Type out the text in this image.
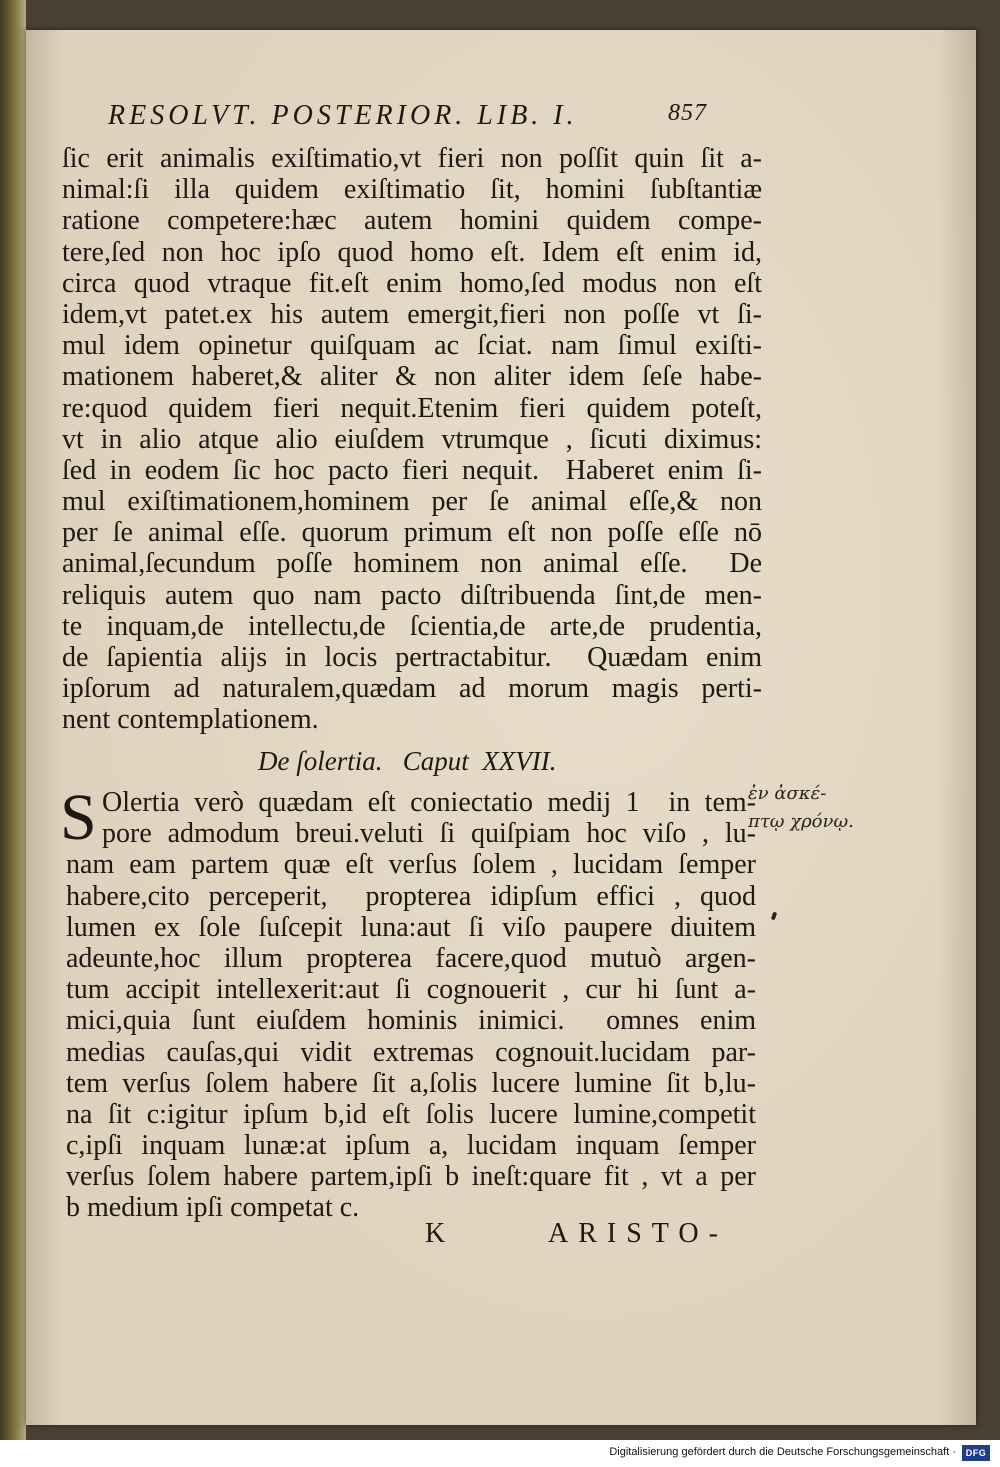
RESOLVT. POSTERIOR. LIB. I.	857
ſic erit animalis exiſtimatio,vt fieri non poſſit quin ſit a-
nimal:ſi illa quidem exiſtimatio ſit, homini ſubſtantiæ
ratione competere:hæc autem homini quidem compe-
tere,ſed non hoc ipſo quod homo eſt. Idem eſt enim id,
circa quod vtraque fit.eſt enim homo,ſed modus non eſt
idem,vt patet.ex his autem emergit,fieri non poſſe vt ſi-
mul idem opinetur quiſquam ac ſciat. nam ſimul exiſti-
mationem haberet,& aliter & non aliter idem ſeſe habe-
re:quod quidem fieri nequit.Etenim fieri quidem poteſt,
vt in alio atque alio eiuſdem vtrumque , ſicuti diximus:
ſed in eodem ſic hoc pacto fieri nequit.  Haberet enim ſi-
mul exiſtimationem,hominem per ſe animal eſſe,& non
per ſe animal eſſe. quorum primum eſt non poſſe eſſe nō
animal,ſecundum poſſe hominem non animal eſſe.  De
reliquis autem quo nam pacto diſtribuenda ſint,de men-
te inquam,de intellectu,de ſcientia,de arte,de prudentia,
de ſapientia alijs in locis pertractabitur.  Quædam enim
ipſorum ad naturalem,quædam ad morum magis perti-
nent contemplationem.
De ſolertia.   Caput  XXVII.
S Olertia verò quædam eſt coniectatio medij 1  in tem-
pore admodum breui.veluti ſi quiſpiam hoc viſo , lu-
nam eam partem quæ eſt verſus ſolem , lucidam ſemper
habere,cito perceperit,  propterea idipſum effici , quod
lumen ex ſole ſuſcepit luna:aut ſi viſo paupere diuitem
adeunte,hoc illum propterea facere,quod mutuò argen-
tum accipit intellexerit:aut ſi cognouerit , cur hi ſunt a-
mici,quia ſunt eiuſdem hominis inimici.  omnes enim
medias cauſas,qui vidit extremas cognouit.lucidam par-
tem verſus ſolem habere ſit a,ſolis lucere lumine ſit b,lu-
na ſit c:igitur ipſum b,id eſt ſolis lucere lumine,competit
c,ipſi inquam lunæ:at ipſum a, lucidam inquam ſemper
verſus ſolem habere partem,ipſi b ineſt:quare fit , vt a per
b medium ipſi competat c.
ἐν ἀσκέ-
πτῳ χρόνῳ.
K	ARISTO-
Digitalisierung gefördert durch die Deutsche Forschungsgemeinschaft ·	DFG
